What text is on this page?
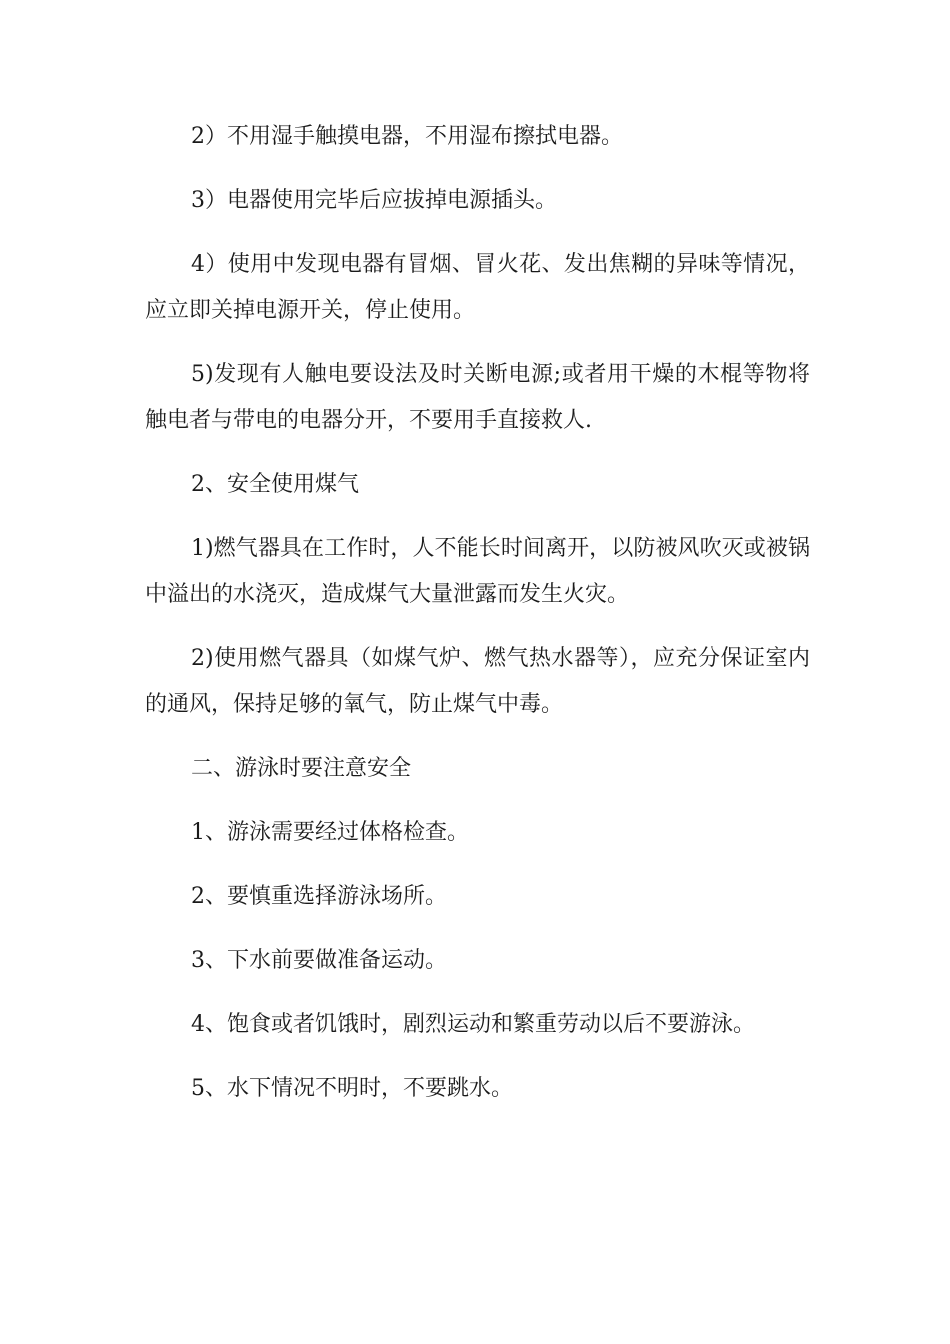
2）不用湿手触摸电器，不用湿布擦拭电器。

3）电器使用完毕后应拔掉电源插头。

4）使用中发现电器有冒烟、冒火花、发出焦糊的异味等情况，应立即关掉电源开关，停止使用。

5)发现有人触电要设法及时关断电源;或者用干燥的木棍等物将触电者与带电的电器分开，不要用手直接救人.

2、安全使用煤气

1)燃气器具在工作时，人不能长时间离开，以防被风吹灭或被锅中溢出的水浇灭，造成煤气大量泄露而发生火灾。

2)使用燃气器具（如煤气炉、燃气热水器等），应充分保证室内的通风，保持足够的氧气，防止煤气中毒。

二、游泳时要注意安全

1、游泳需要经过体格检查。

2、要慎重选择游泳场所。

3、下水前要做准备运动。

4、饱食或者饥饿时，剧烈运动和繁重劳动以后不要游泳。

5、水下情况不明时，不要跳水。
